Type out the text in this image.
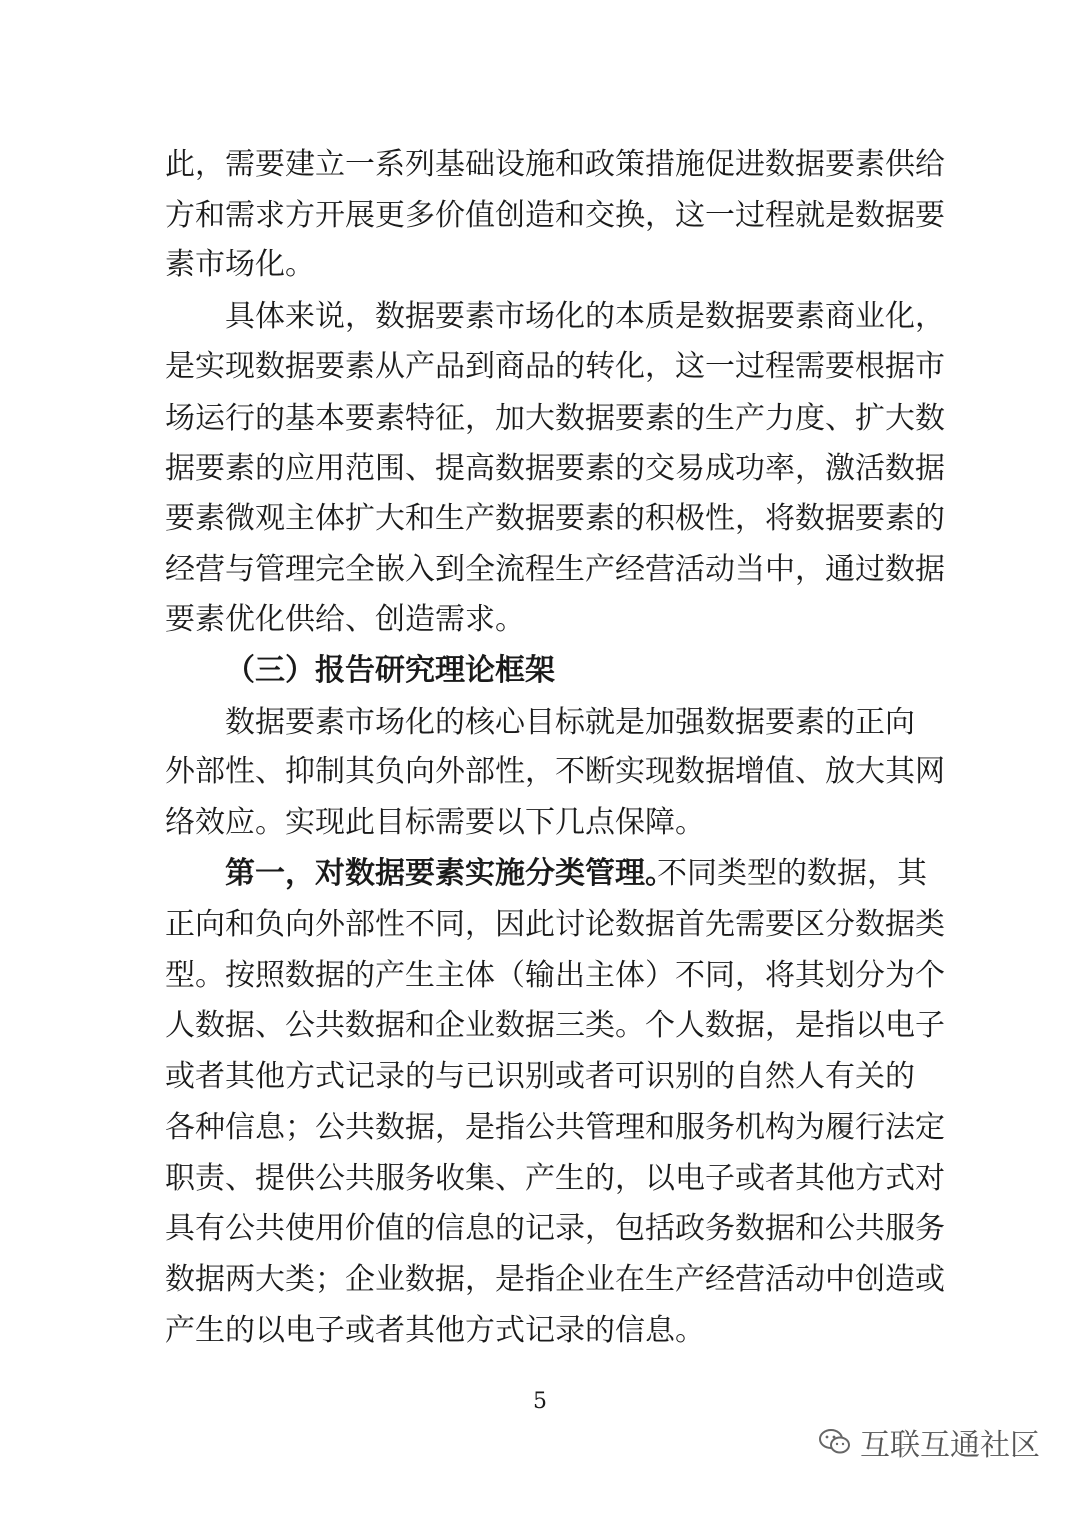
此，需要建立一系列基础设施和政策措施促进数据要素供给
方和需求方开展更多价值创造和交换，这一过程就是数据要
素市场化。
具体来说，数据要素市场化的本质是数据要素商业化，
是实现数据要素从产品到商品的转化，这一过程需要根据市
场运行的基本要素特征，加大数据要素的生产力度、扩大数
据要素的应用范围、提高数据要素的交易成功率，激活数据
要素微观主体扩大和生产数据要素的积极性，将数据要素的
经营与管理完全嵌入到全流程生产经营活动当中，通过数据
要素优化供给、创造需求。
（三）报告研究理论框架
数据要素市场化的核心目标就是加强数据要素的正向
外部性、抑制其负向外部性，不断实现数据增值、放大其网
络效应。实现此目标需要以下几点保障。
第一，对数据要素实施分类管理。
不同类型的数据，其
正向和负向外部性不同，因此讨论数据首先需要区分数据类
型。按照数据的产生主体（输出主体）不同，将其划分为个
人数据、公共数据和企业数据三类。个人数据，是指以电子
或者其他方式记录的与已识别或者可识别的自然人有关的
各种信息；公共数据，是指公共管理和服务机构为履行法定
职责、提供公共服务收集、产生的，以电子或者其他方式对
具有公共使用价值的信息的记录，包括政务数据和公共服务
数据两大类；企业数据，是指企业在生产经营活动中创造或
产生的以电子或者其他方式记录的信息。
5
互联互通社区
